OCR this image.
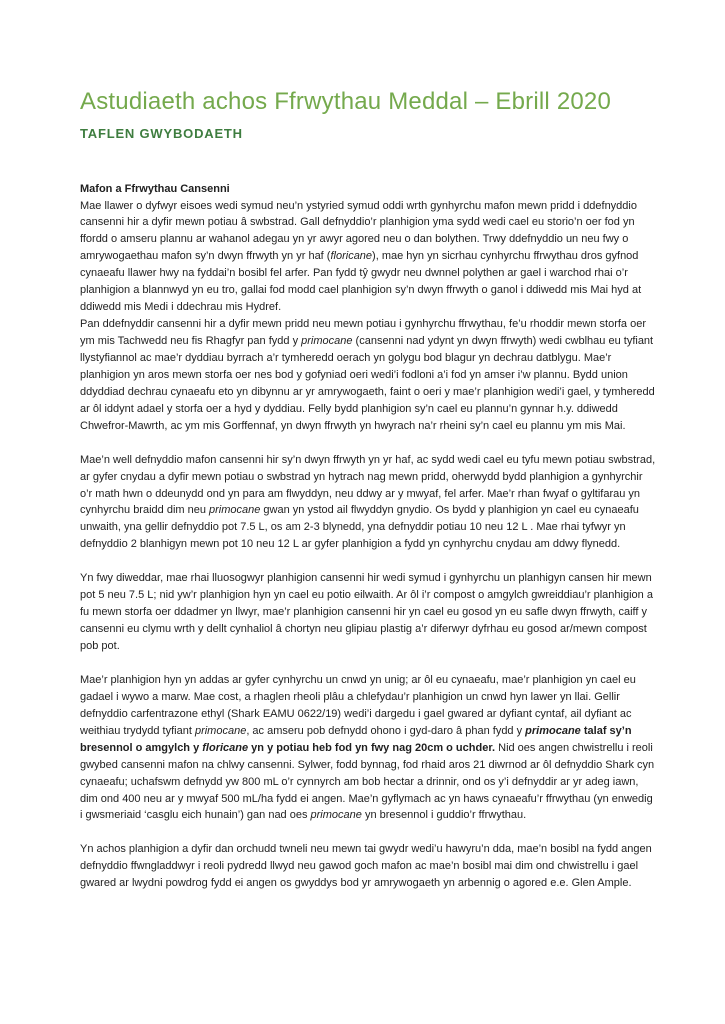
Astudiaeth achos Ffrwythau Meddal – Ebrill 2020
TAFLEN GWYBODAETH

Mafon a Ffrwythau Cansenni

Mae llawer o dyfwyr eisoes wedi symud neu’n ystyried symud oddi wrth gynhyrchu mafon mewn pridd i ddefnyddio cansenni hir a dyfir mewn potiau â swbstrad. Gall defnyddio’r planhigion yma sydd wedi cael eu storio’n oer fod yn ffordd o amseru plannu ar wahanol adegau yn yr awyr agored neu o dan bolythen. Trwy ddefnyddio un neu fwy o amrywogaethau mafon sy’n dwyn ffrwyth yn yr haf (floricane), mae hyn yn sicrhau cynhyrchu ffrwythau dros gyfnod cynaeafu llawer hwy na fyddai’n bosibl fel arfer. Pan fydd tŷ gwydr neu dwnnel polythen ar gael i warchod rhai o’r planhigion a blannwyd yn eu tro, gallai fod modd cael planhigion sy’n dwyn ffrwyth o ganol i ddiwedd mis Mai hyd at ddiwedd mis Medi i ddechrau mis Hydref.

Pan ddefnyddir cansenni hir a dyfir mewn pridd neu mewn potiau i gynhyrchu ffrwythau, fe’u rhoddir mewn storfa oer ym mis Tachwedd neu fis Rhagfyr pan fydd y primocane (cansenni nad ydynt yn dwyn ffrwyth) wedi cwblhau eu tyfiant llystyfiannol ac mae’r dyddiau byrrach a’r tymheredd oerach yn golygu bod blagur yn dechrau datblygu. Mae’r planhigion yn aros mewn storfa oer nes bod y gofyniad oeri wedi’i fodloni a’i fod yn amser i’w plannu. Bydd union ddyddiad dechrau cynaeafu eto yn dibynnu ar yr amrywogaeth, faint o oeri y mae’r planhigion wedi’i gael, y tymheredd ar ôl iddynt adael y storfa oer a hyd y dyddiau. Felly bydd planhigion sy’n cael eu plannu’n gynnar h.y. ddiwedd Chwefror-Mawrth, ac ym mis Gorffennaf, yn dwyn ffrwyth yn hwyrach na’r rheini sy’n cael eu plannu ym mis Mai.

Mae’n well defnyddio mafon cansenni hir sy’n dwyn ffrwyth yn yr haf, ac sydd wedi cael eu tyfu mewn potiau swbstrad, ar gyfer cnydau a dyfir mewn potiau o swbstrad yn hytrach nag mewn pridd, oherwydd bydd planhigion a gynhyrchir o’r math hwn o ddeunydd ond yn para am flwyddyn, neu ddwy ar y mwyaf, fel arfer. Mae’r rhan fwyaf o gyltifarau yn cynhyrchu braidd dim neu primocane gwan yn ystod ail flwyddyn gnydio. Os bydd y planhigion yn cael eu cynaeafu unwaith, yna gellir defnyddio pot 7.5 L, os am 2-3 blynedd, yna defnyddir potiau 10 neu 12 L . Mae rhai tyfwyr yn defnyddio 2 blanhigyn mewn pot 10 neu 12 L ar gyfer planhigion a fydd yn cynhyrchu cnydau am ddwy flynedd.

Yn fwy diweddar, mae rhai lluosogwyr planhigion cansenni hir wedi symud i gynhyrchu un planhigyn cansen hir mewn pot 5 neu 7.5 L; nid yw’r planhigion hyn yn cael eu potio eilwaith. Ar ôl i’r compost o amgylch gwreiddiau’r planhigion a fu mewn storfa oer ddadmer yn llwyr, mae’r planhigion cansenni hir yn cael eu gosod yn eu safle dwyn ffrwyth, caiff y cansenni eu clymu wrth y dellt cynhaliol â chortyn neu glipiau plastig a’r diferwyr dyfrhau eu gosod ar/mewn compost pob pot.

Mae’r planhigion hyn yn addas ar gyfer cynhyrchu un cnwd yn unig; ar ôl eu cynaeafu, mae’r planhigion yn cael eu gadael i wywo a marw. Mae cost, a rhaglen rheoli plâu a chlefydau’r planhigion un cnwd hyn lawer yn llai. Gellir defnyddio carfentrazone ethyl (Shark EAMU 0622/19) wedi’i dargedu i gael gwared ar dyfiant cyntaf, ail dyfiant ac weithiau trydydd tyfiant primocane, ac amseru pob defnydd ohono i gyd-daro â phan fydd y primocane talaf sy’n bresennol o amgylch y floricane yn y potiau heb fod yn fwy nag 20cm o uchder. Nid oes angen chwistrellu i reoli gwybed cansenni mafon na chlwy cansenni. Sylwer, fodd bynnag, fod rhaid aros 21 diwrnod ar ôl defnyddio Shark cyn cynaeafu; uchafswm defnydd yw 800 mL o’r cynnyrch am bob hectar a drinnir, ond os y’i defnyddir ar yr adeg iawn, dim ond 400 neu ar y mwyaf 500 mL/ha fydd ei angen. Mae’n gyflymach ac yn haws cynaeafu’r ffrwythau (yn enwedig i gwsmeriaid ‘casglu eich hunain’) gan nad oes primocane yn bresennol i guddio’r ffrwythau.

Yn achos planhigion a dyfir dan orchudd twneli neu mewn tai gwydr wedi’u hawyru’n dda, mae’n bosibl na fydd angen defnyddio ffwngladdwyr i reoli pydredd llwyd neu gawod goch mafon ac mae’n bosibl mai dim ond chwistrellu i gael gwared ar lwydni powdrog fydd ei angen os gwyddys bod yr amrywogaeth yn arbennig o agored e.e. Glen Ample.
